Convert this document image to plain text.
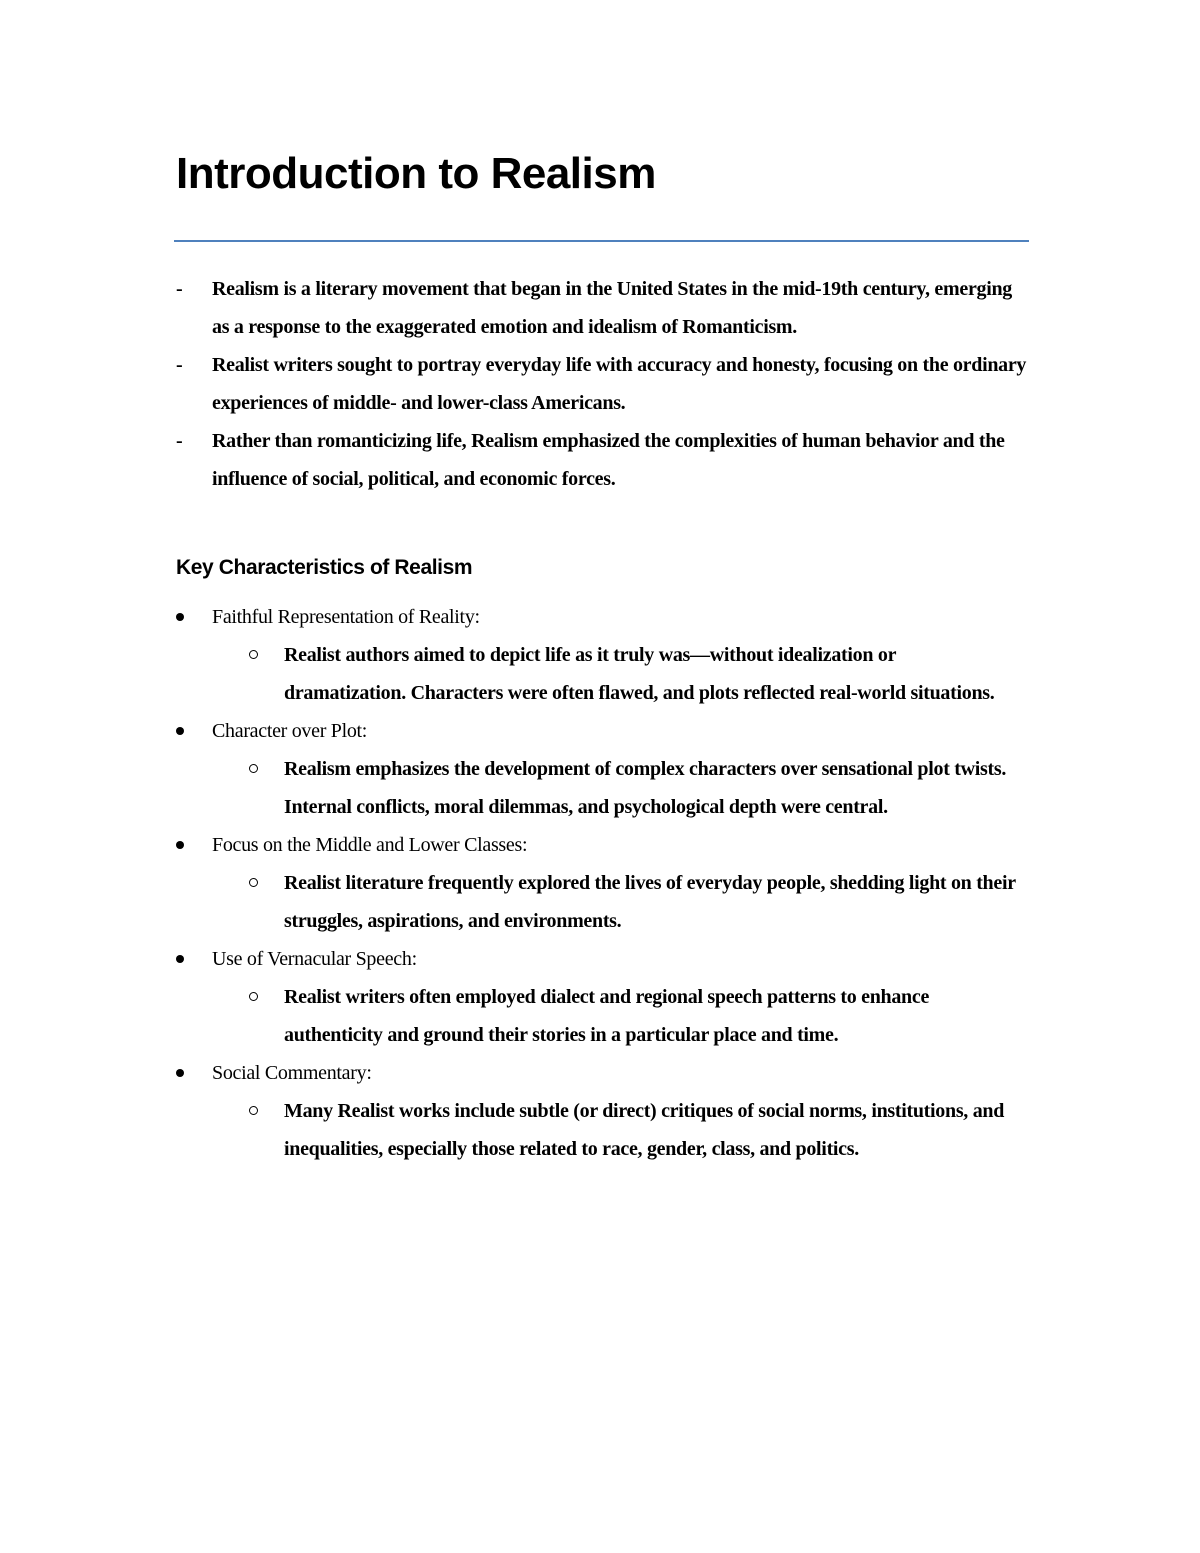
Introduction to Realism
-	Realism is a literary movement that began in the United States in the mid-19th century, emerging as a response to the exaggerated emotion and idealism of Romanticism.
-	Realist writers sought to portray everyday life with accuracy and honesty, focusing on the ordinary experiences of middle- and lower-class Americans.
-	Rather than romanticizing life, Realism emphasized the complexities of human behavior and the influence of social, political, and economic forces.
Key Characteristics of Realism
Faithful Representation of Reality:
Realist authors aimed to depict life as it truly was—without idealization or dramatization. Characters were often flawed, and plots reflected real-world situations.
Character over Plot:
Realism emphasizes the development of complex characters over sensational plot twists. Internal conflicts, moral dilemmas, and psychological depth were central.
Focus on the Middle and Lower Classes:
Realist literature frequently explored the lives of everyday people, shedding light on their struggles, aspirations, and environments.
Use of Vernacular Speech:
Realist writers often employed dialect and regional speech patterns to enhance authenticity and ground their stories in a particular place and time.
Social Commentary:
Many Realist works include subtle (or direct) critiques of social norms, institutions, and inequalities, especially those related to race, gender, class, and politics.
